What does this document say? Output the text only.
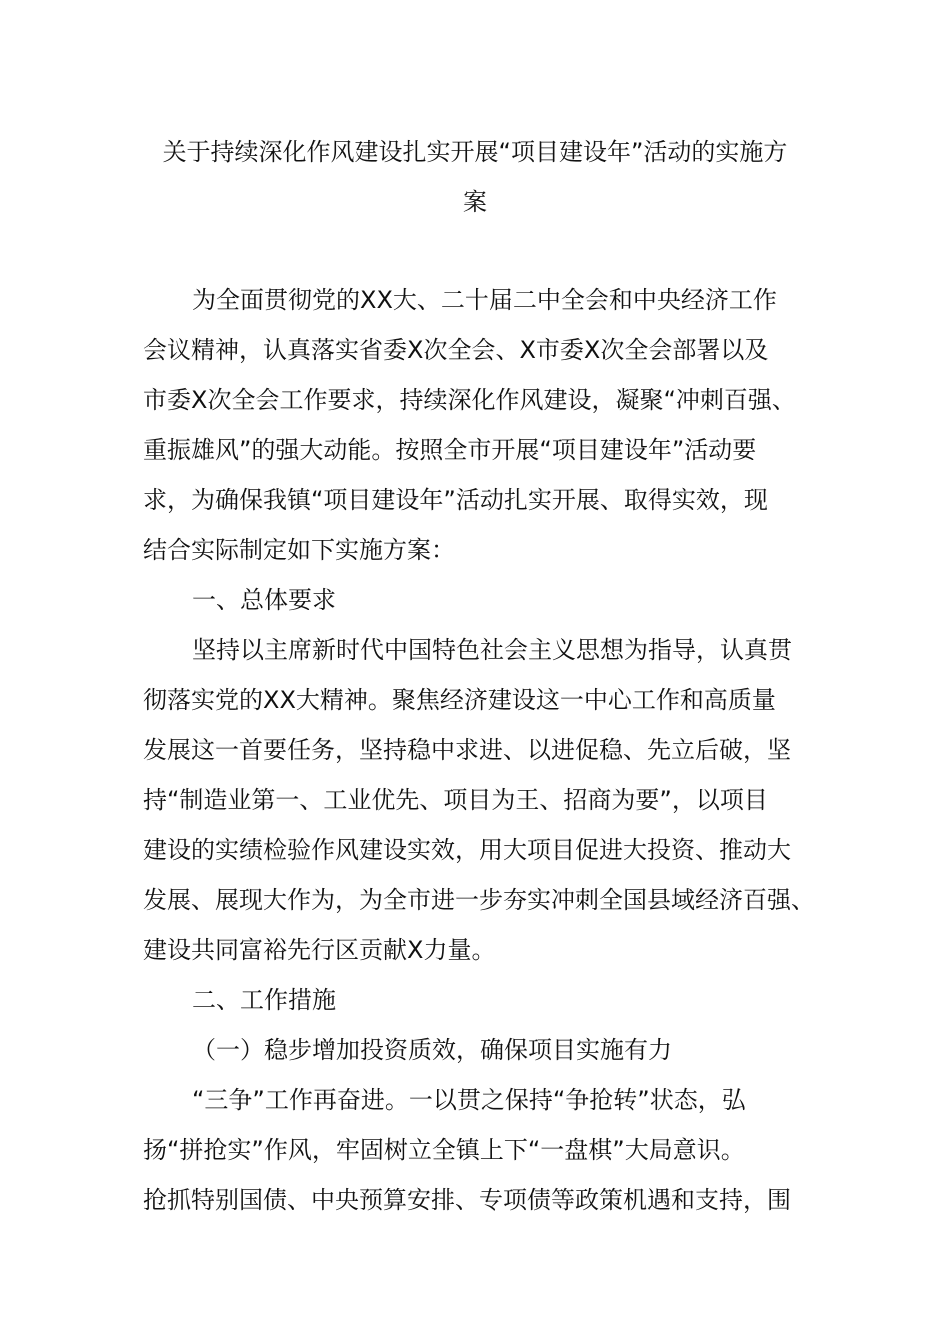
关于持续深化作风建设扎实开展“项目建设年”活动的实施方
案
为全面贯彻党的XX大、二十届二中全会和中央经济工作
会议精神，认真落实省委X次全会、X市委X次全会部署以及
市委X次全会工作要求，持续深化作风建设，凝聚“冲刺百强、
重振雄风”的强大动能。按照全市开展“项目建设年”活动要
求，为确保我镇“项目建设年”活动扎实开展、取得实效，现
结合实际制定如下实施方案：
一、总体要求
坚持以主席新时代中国特色社会主义思想为指导，认真贯
彻落实党的XX大精神。聚焦经济建设这一中心工作和高质量
发展这一首要任务，坚持稳中求进、以进促稳、先立后破，坚
持“制造业第一、工业优先、项目为王、招商为要”，以项目
建设的实绩检验作风建设实效，用大项目促进大投资、推动大
发展、展现大作为，为全市进一步夯实冲刺全国县域经济百强、
建设共同富裕先行区贡献X力量。
二、工作措施
（一）稳步增加投资质效，确保项目实施有力
“三争”工作再奋进。一以贯之保持“争抢转”状态，弘
扬“拼抢实”作风，牢固树立全镇上下“一盘棋”大局意识。
抢抓特别国债、中央预算安排、专项债等政策机遇和支持，围
